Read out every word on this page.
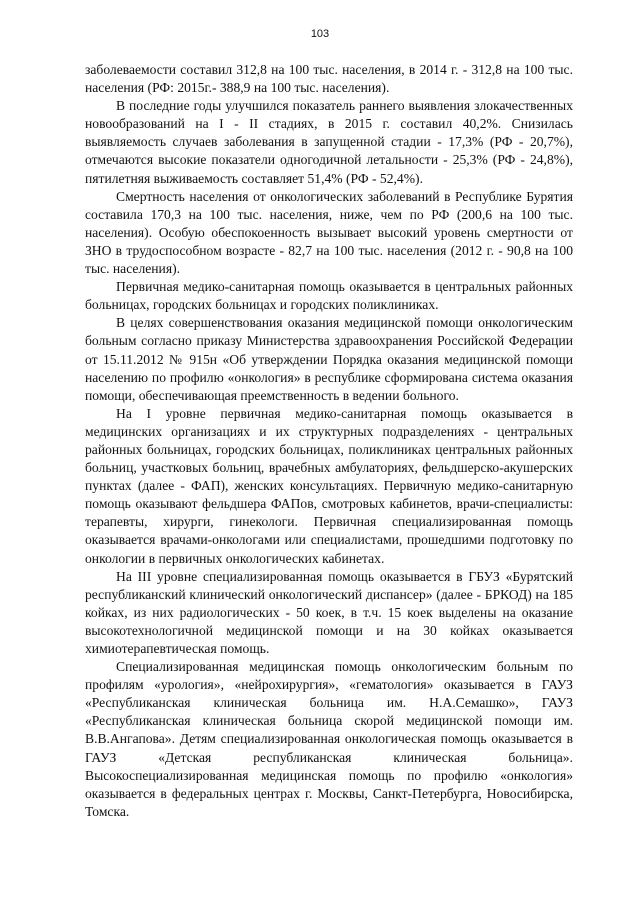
103

заболеваемости составил 312,8 на 100 тыс. населения, в 2014 г. - 312,8 на 100 тыс. населения (РФ: 2015г.- 388,9 на 100 тыс. населения).

В последние годы улучшился показатель раннего выявления злокачественных новообразований на I - II стадиях, в 2015 г. составил 40,2%. Снизилась выявляемость случаев заболевания в запущенной стадии - 17,3% (РФ - 20,7%), отмечаются высокие показатели одногодичной летальности - 25,3% (РФ - 24,8%), пятилетняя выживаемость составляет 51,4% (РФ - 52,4%).

Смертность населения от онкологических заболеваний в Республике Бурятия составила 170,3 на 100 тыс. населения, ниже, чем по РФ (200,6 на 100 тыс. населения). Особую обеспокоенность вызывает высокий уровень смертности от ЗНО в трудоспособном возрасте - 82,7 на 100 тыс. населения (2012 г. - 90,8 на 100 тыс. населения).

Первичная медико-санитарная помощь оказывается в центральных районных больницах, городских больницах и городских поликлиниках.

В целях совершенствования оказания медицинской помощи онкологическим больным согласно приказу Министерства здравоохранения Российской Федерации от 15.11.2012 № 915н «Об утверждении Порядка оказания медицинской помощи населению по профилю «онкология» в республике сформирована система оказания помощи, обеспечивающая преемственность в ведении больного.

На I уровне первичная медико-санитарная помощь оказывается в медицинских организациях и их структурных подразделениях - центральных районных больницах, городских больницах, поликлиниках центральных районных больниц, участковых больниц, врачебных амбулаториях, фельдшерско-акушерских пунктах (далее - ФАП), женских консультациях. Первичную медико-санитарную помощь оказывают фельдшера ФАПов, смотровых кабинетов, врачи-специалисты: терапевты, хирурги, гинекологи. Первичная специализированная помощь оказывается врачами-онкологами или специалистами, прошедшими подготовку по онкологии в первичных онкологических кабинетах.

На III уровне специализированная помощь оказывается в ГБУЗ «Бурятский республиканский клинический онкологический диспансер» (далее - БРКОД) на 185 койках, из них радиологических - 50 коек, в т.ч. 15 коек выделены на оказание высокотехнологичной медицинской помощи и на 30 койках оказывается химиотерапевтическая помощь.

Специализированная медицинская помощь онкологическим больным по профилям «урология», «нейрохирургия», «гематология» оказывается в ГАУЗ «Республиканская клиническая больница им. Н.А.Семашко», ГАУЗ «Республиканская клиническая больница скорой медицинской помощи им. В.В.Ангапова». Детям специализированная онкологическая помощь оказывается в ГАУЗ «Детская республиканская клиническая больница». Высокоспециализированная медицинская помощь по профилю «онкология» оказывается в федеральных центрах г. Москвы, Санкт-Петербурга, Новосибирска, Томска.
